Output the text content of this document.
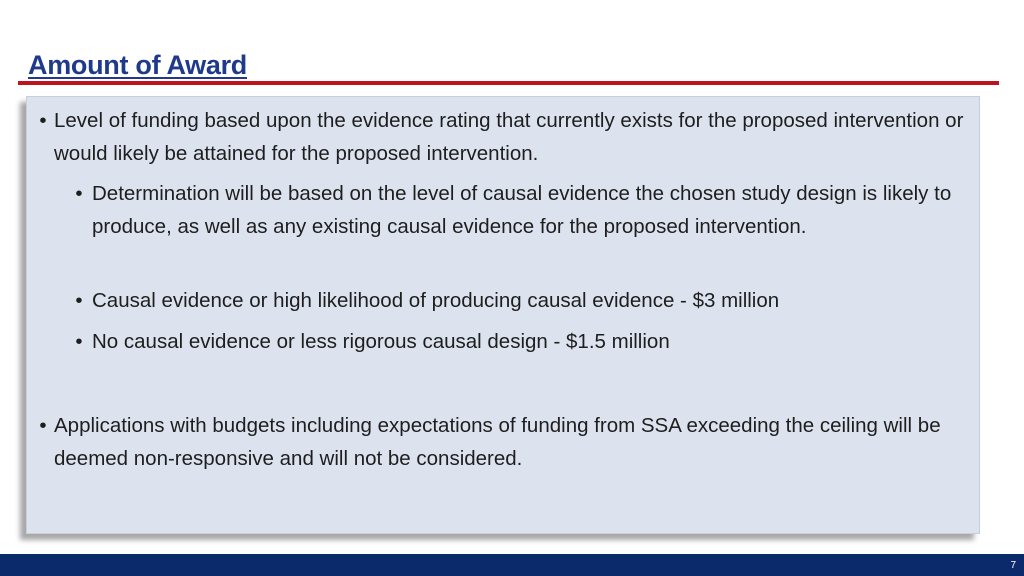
Amount of Award
• Level of funding based upon the evidence rating that currently exists for the proposed intervention or would likely be attained for the proposed intervention.
• Determination will be based on the level of causal evidence the chosen study design is likely to produce, as well as any existing causal evidence for the proposed intervention.
• Causal evidence or high likelihood of producing causal evidence - $3 million
• No causal evidence or less rigorous causal design - $1.5 million
• Applications with budgets including expectations of funding from SSA exceeding the ceiling will be deemed non-responsive and will not be considered.
7
